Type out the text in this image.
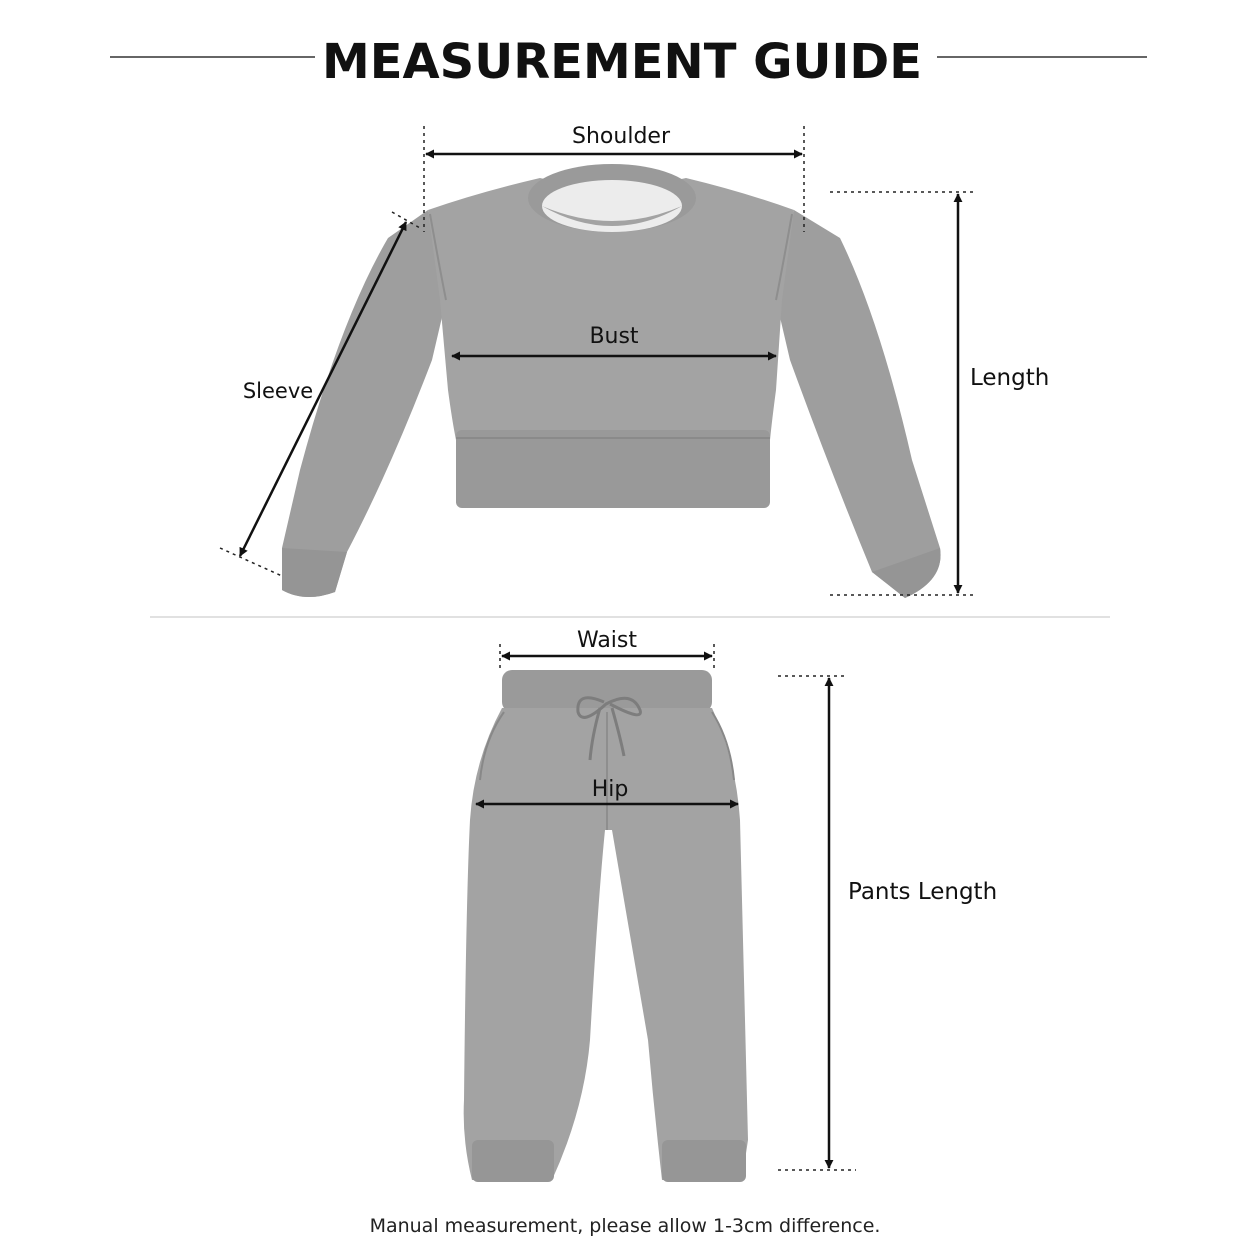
MEASUREMENT GUIDE
Shoulder
Bust
Sleeve	Length
Waist
Hip
Pants Length
Manual measurement, please allow 1-3cm difference.
